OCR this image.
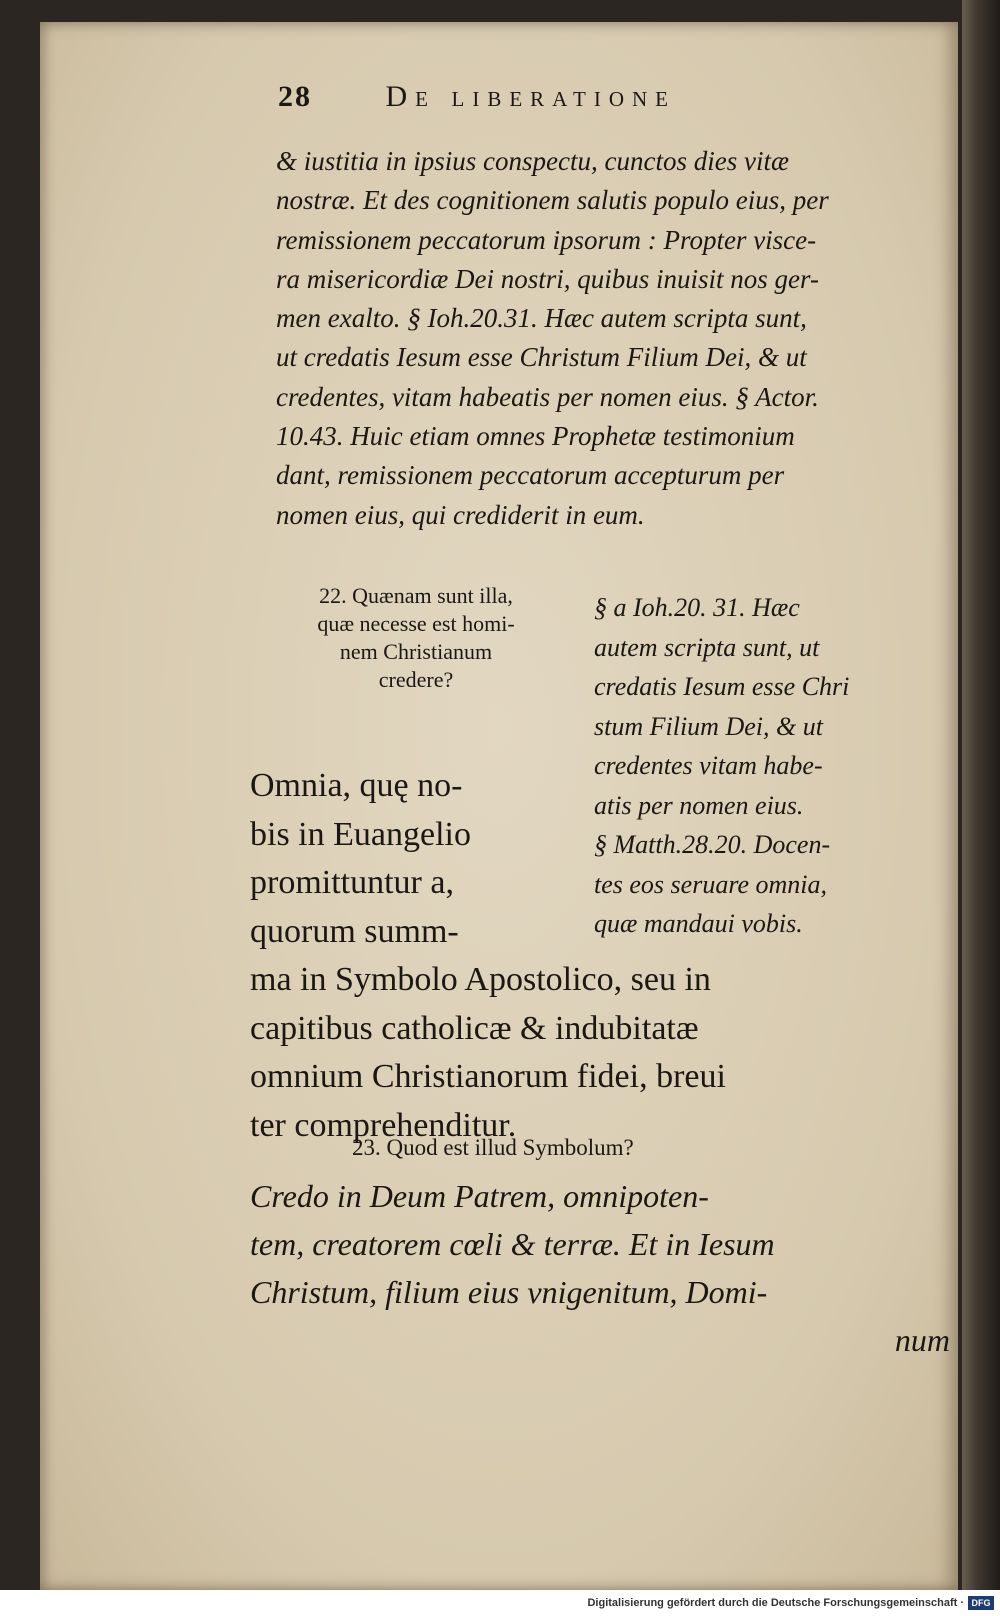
28 De liberatione
& iustitia in ipsius conspectu, cunctos dies vitæ
nostræ. Et des cognitionem salutis populo eius, per
remissionem peccatorum ipsorum : Propter visce-
ra misericordiæ Dei nostri, quibus inuisit nos ger-
men exalto. § Ioh.20.31. Hæc autem scripta sunt,
ut credatis Iesum esse Christum Filium Dei, & ut
credentes, vitam habeatis per nomen eius. § Actor.
10.43. Huic etiam omnes Prophetæ testimonium
dant, remissionem peccatorum accepturum per
nomen eius, qui crediderit in eum.
22. Quænam sunt illa,
quæ necesse est homi-
nem Christianum
credere?
§ a Ioh.20. 31. Hæc
autem scripta sunt, ut
credatis Iesum esse Chri
stum Filium Dei, & ut
credentes vitam habe-
atis per nomen eius.
§ Matth.28.20. Docen-
tes eos seruare omnia,
quæ mandaui vobis.
Omnia, quę no-
bis in Euangelio
promittuntur a,
quorum summ-
ma in Symbolo Apostolico, seu in
capitibus catholicæ & indubitatæ
omnium Christianorum fidei, breui
ter comprehenditur.
23. Quod est illud Symbolum?
Credo in Deum Patrem, omnipoten-
tem, creatorem cœli & terræ. Et in Iesum
Christum, filium eius vnigenitum, Domi-
num
Digitalisierung gefördert durch die Deutsche Forschungsgemeinschaft · DFG
